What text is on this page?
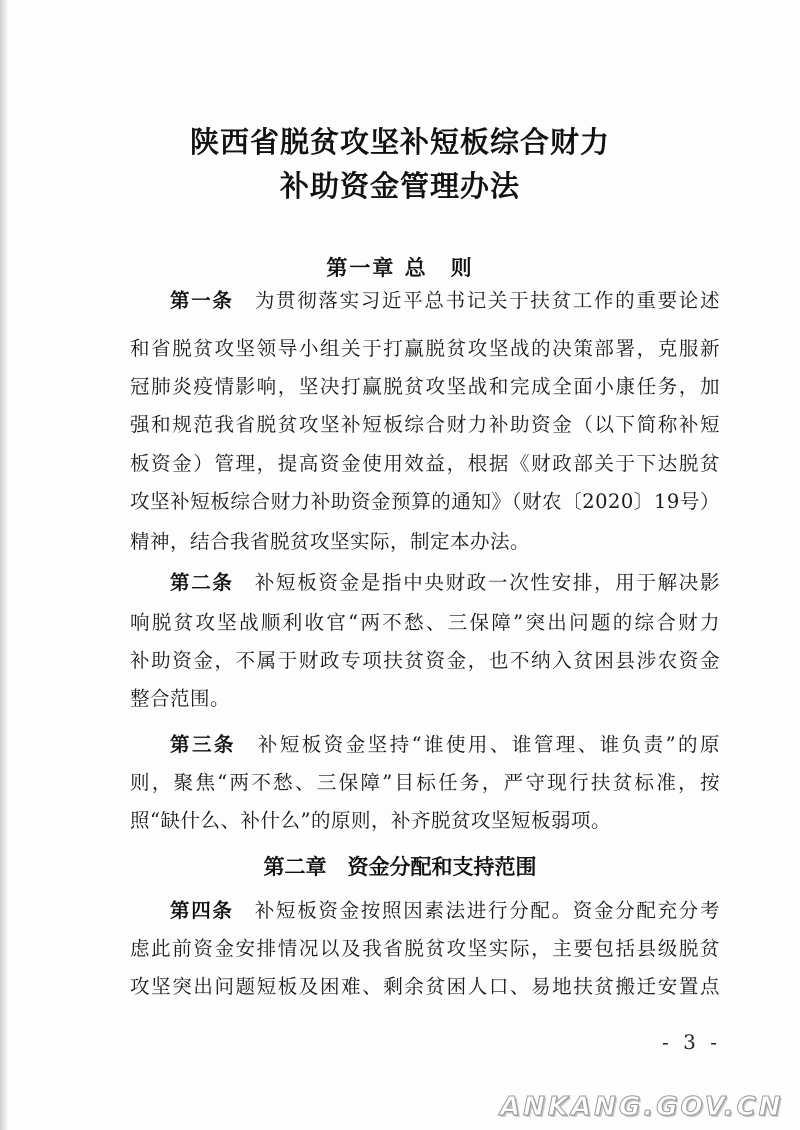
陕西省脱贫攻坚补短板综合财力
补助资金管理办法
第一章 总　则
第一条　 为贯彻落实习近平总书记关于扶贫工作的重要论述
和省脱贫攻坚领导小组关于打赢脱贫攻坚战的决策部署，克服新
冠肺炎疫情影响，坚决打赢脱贫攻坚战和完成全面小康任务，加
强和规范我省脱贫攻坚补短板综合财力补助资金（以下简称补短
板资金）管理，提高资金使用效益，根据《财政部关于下达脱贫
攻坚补短板综合财力补助资金预算的通知》（财农〔2020〕19号）
精神，结合我省脱贫攻坚实际，制定本办法。
第二条　 补短板资金是指中央财政一次性安排，用于解决影
响脱贫攻坚战顺利收官“两不愁、三保障”突出问题的综合财力
补助资金，不属于财政专项扶贫资金，也不纳入贫困县涉农资金
整合范围。
第三条　 补短板资金坚持“谁使用、谁管理、谁负责”的原
则，聚焦“两不愁、三保障”目标任务，严守现行扶贫标准，按
照“缺什么、补什么”的原则，补齐脱贫攻坚短板弱项。
第二章　资金分配和支持范围
第四条　 补短板资金按照因素法进行分配。资金分配充分考
虑此前资金安排情况以及我省脱贫攻坚实际，主要包括县级脱贫
攻坚突出问题短板及困难、剩余贫困人口、易地扶贫搬迁安置点
- 3 -
ANKANG.GOV.CN
